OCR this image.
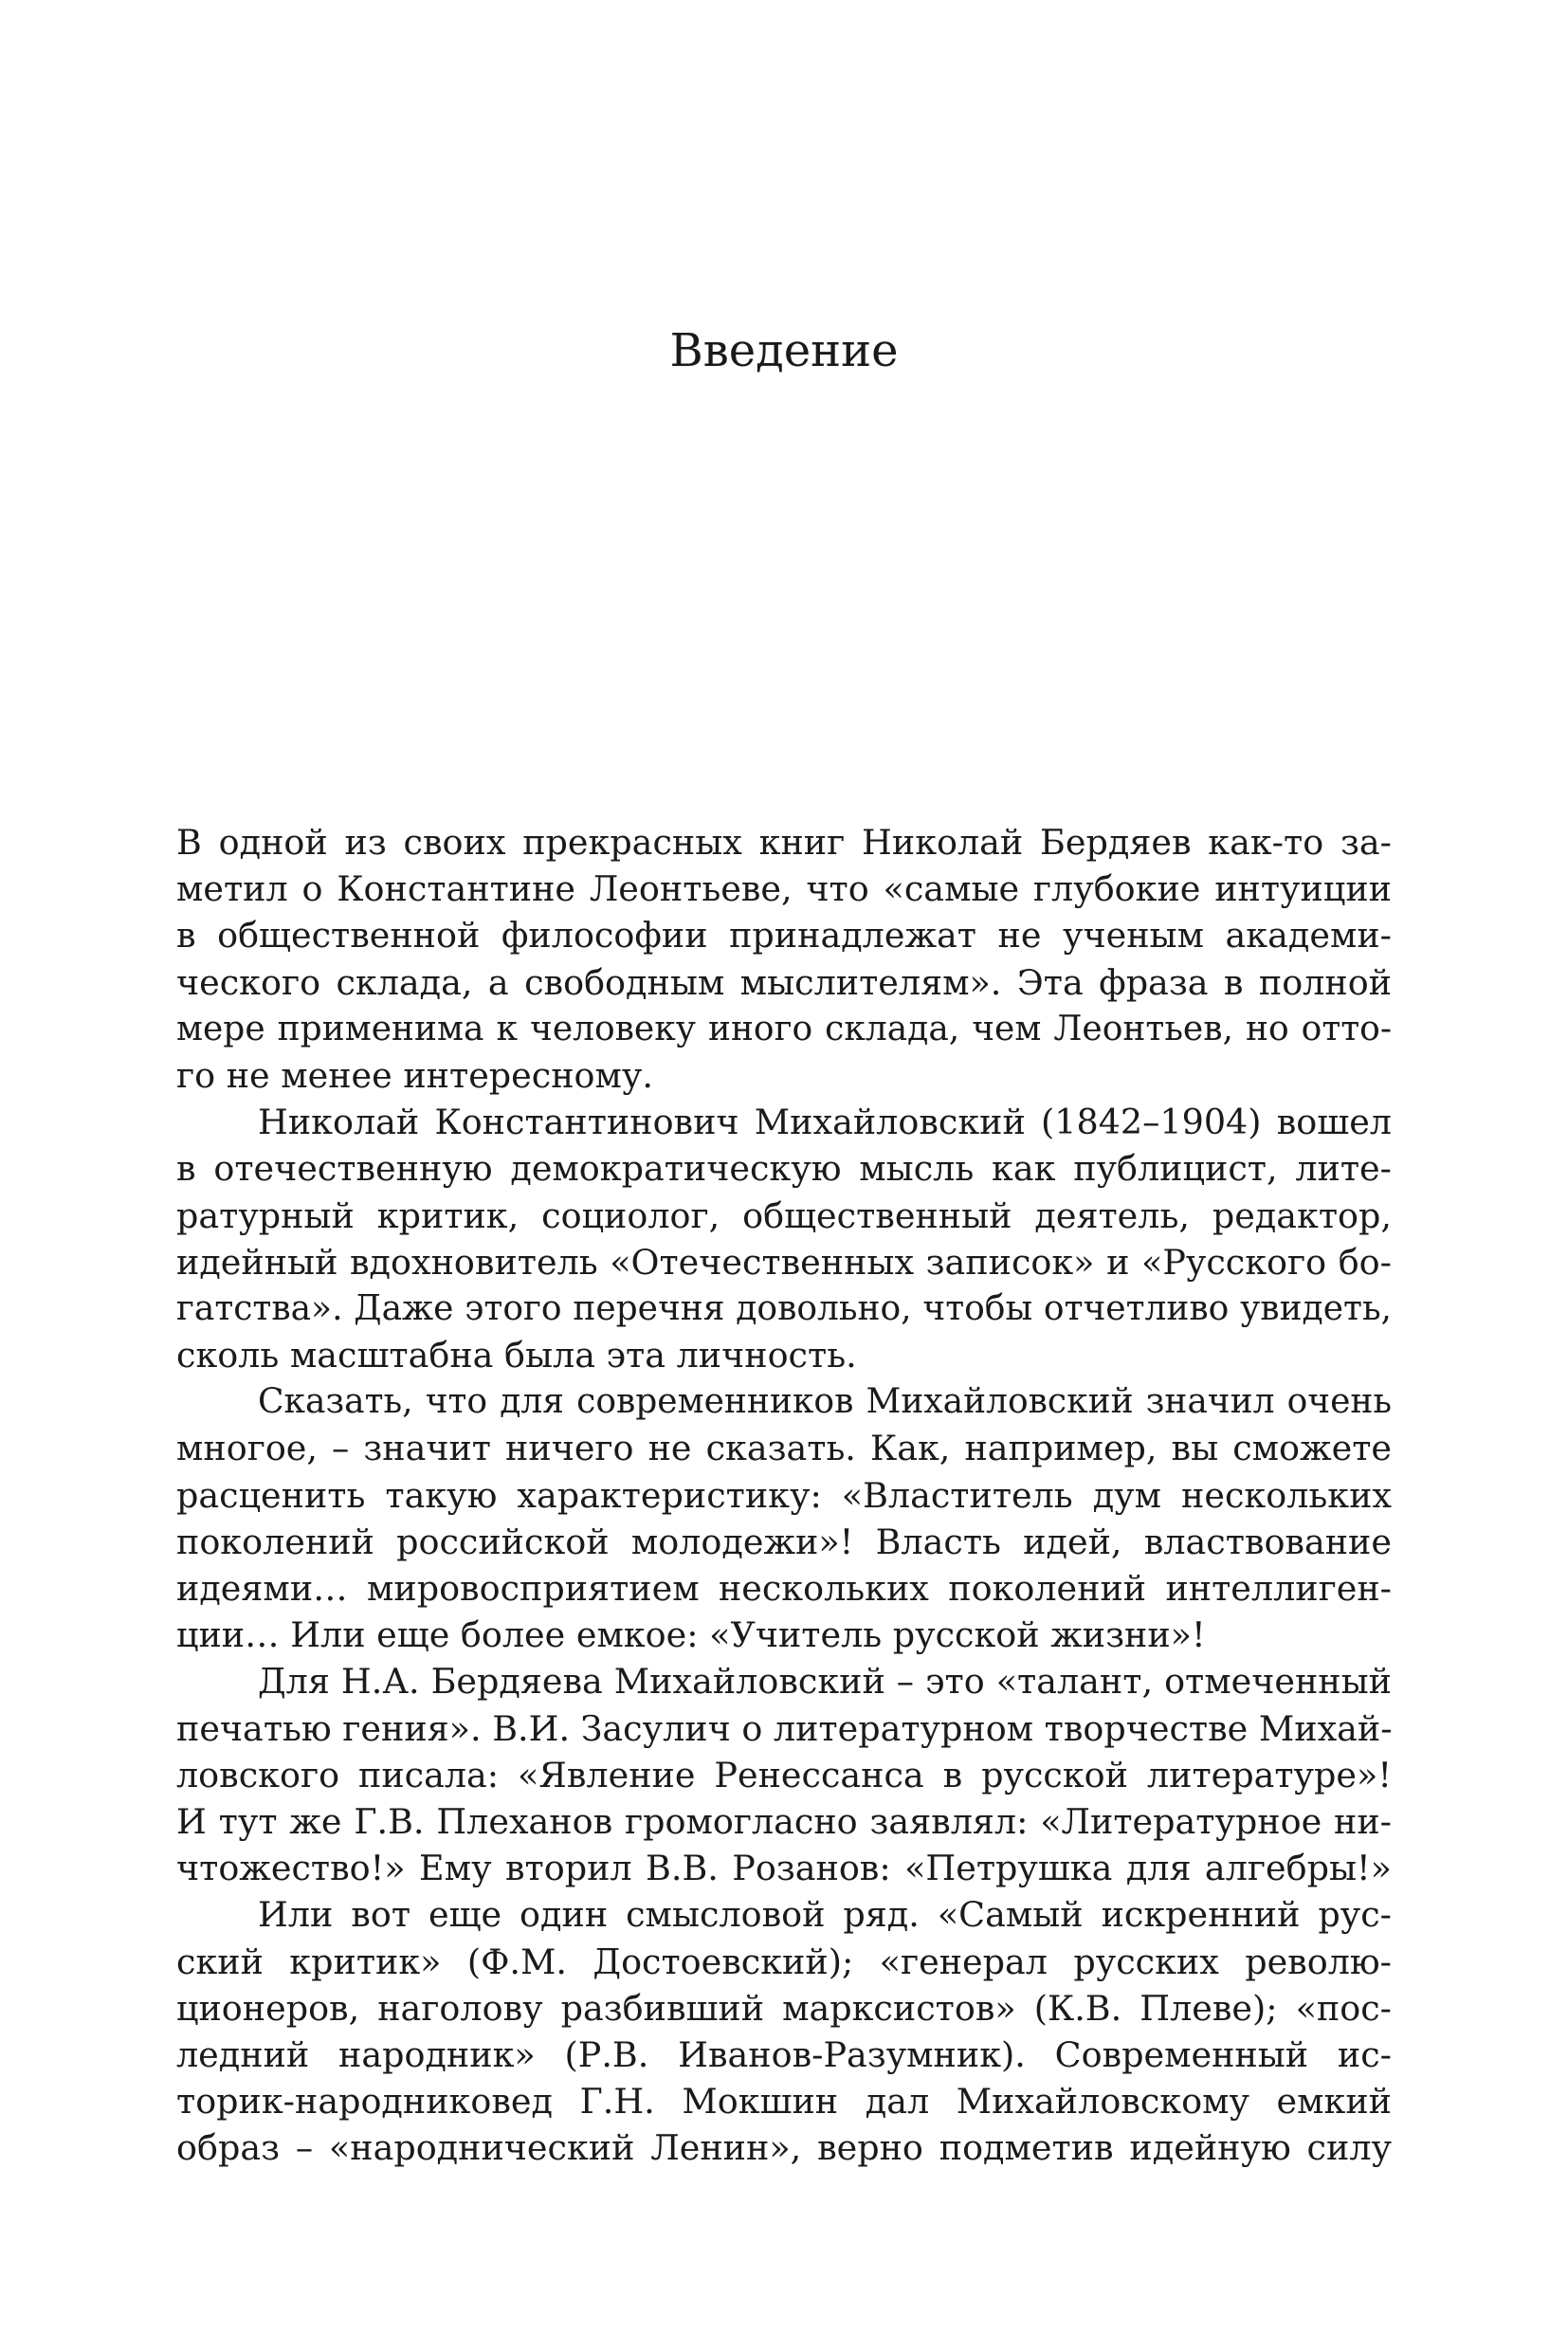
Введение

В одной из своих прекрасных книг Николай Бердяев как-то за-
метил о Константине Леонтьеве, что «самые глубокие интуиции
в общественной философии принадлежат не ученым академи-
ческого склада, а свободным мыслителям». Эта фраза в полной
мере применима к человеку иного склада, чем Леонтьев, но отто-
го не менее интересному.

Николай Константинович Михайловский (1842–1904) вошел
в отечественную демократическую мысль как публицист, лите-
ратурный критик, социолог, общественный деятель, редактор,
идейный вдохновитель «Отечественных записок» и «Русского бо-
гатства». Даже этого перечня довольно, чтобы отчетливо увидеть,
сколь масштабна была эта личность.

Сказать, что для современников Михайловский значил очень
многое, – значит ничего не сказать. Как, например, вы сможете
расценить такую характеристику: «Властитель дум нескольких
поколений российской молодежи»! Власть идей, властвование
идеями… мировосприятием нескольких поколений интеллиген-
ции… Или еще более емкое: «Учитель русской жизни»!

Для Н.А. Бердяева Михайловский – это «талант, отмеченный
печатью гения». В.И. Засулич о литературном творчестве Михай-
ловского писала: «Явление Ренессанса в русской литературе»!
И тут же Г.В. Плеханов громогласно заявлял: «Литературное ни-
чтожество!» Ему вторил В.В. Розанов: «Петрушка для алгебры!»

Или вот еще один смысловой ряд. «Самый искренний рус-
ский критик» (Ф.М. Достоевский); «генерал русских револю-
ционеров, наголову разбивший марксистов» (К.В. Плеве); «пос-
ледний народник» (Р.В. Иванов-Разумник). Современный ис-
торик-народниковед Г.Н. Мокшин дал Михайловскому емкий
образ – «народнический Ленин», верно подметив идейную силу
